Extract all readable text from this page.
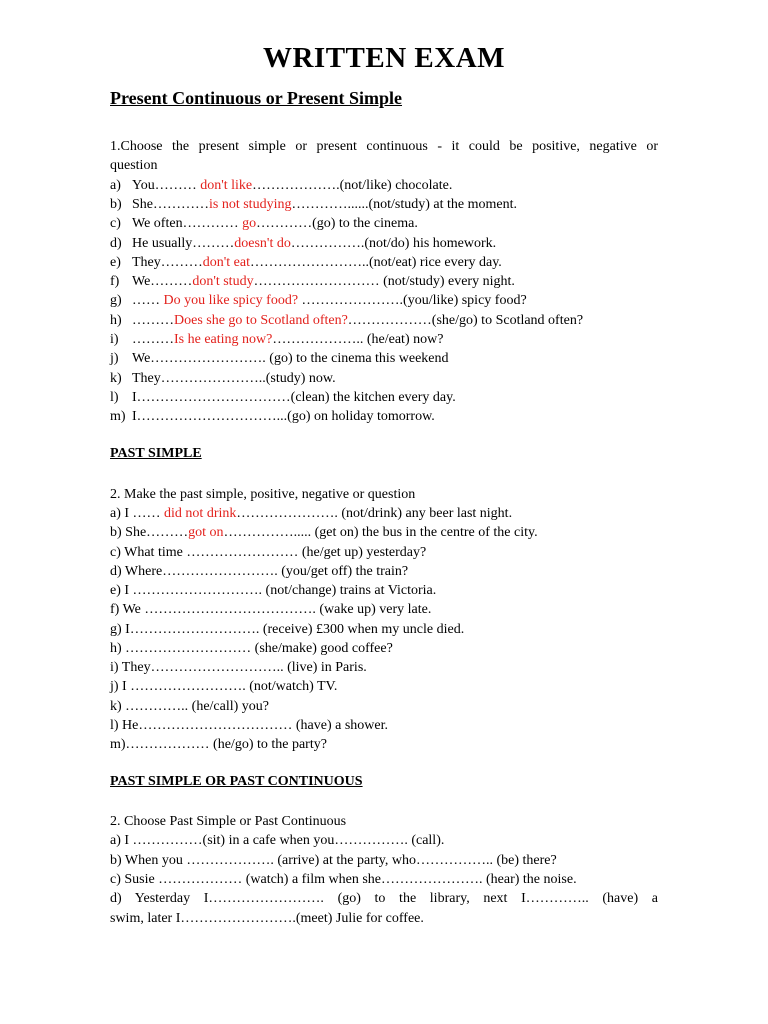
WRITTEN EXAM
Present Continuous or Present Simple
1.Choose the present simple or present continuous - it could be positive, negative or
question
a) You……… don't like……………….(not/like) chocolate.
b) She…………is not studying…………......(not/study) at the moment.
c) We often………… go…………(go) to the cinema.
d) He usually………doesn't do…………….(not/do) his homework.
e) They………don't eat……………………..(not/eat) rice every day.
f) We………don't study……………………… (not/study) every night.
g) …… Do you like spicy food? ………………….(you/like) spicy food?
h) ………Does she go to Scotland often?………………(she/go) to Scotland often?
i) ………Is he eating now?……………….. (he/eat) now?
j) We……………………. (go) to the cinema this weekend
k) They…………………..(study) now.
l) I……………………………(clean) the kitchen every day.
m) I…………………………...(go) on holiday tomorrow.
PAST SIMPLE
2. Make the past simple, positive, negative or question
a) I …… did not drink…………………. (not/drink) any beer last night.
b) She………got on……………..... (get on) the bus in the centre of the city.
c) What time …………………… (he/get up) yesterday?
d) Where……………………. (you/get off) the train?
e) I ………………………. (not/change) trains at Victoria.
f) We ………………………………. (wake up) very late.
g) I………………………. (receive) £300 when my uncle died.
h) ……………………… (she/make) good coffee?
i) They……………………….. (live) in Paris.
j) I ……………………. (not/watch) TV.
k) ………….. (he/call) you?
l) He…………………………… (have) a shower.
m)……………… (he/go) to the party?
PAST SIMPLE OR PAST CONTINUOUS
2. Choose Past Simple or Past Continuous
a) I ……………(sit) in a cafe when you……………. (call).
b) When you ………………. (arrive) at the party, who…………….. (be) there?
c) Susie ……………… (watch) a film when she…………………. (hear) the noise.
d) Yesterday I……………………. (go) to the library, next I………….. (have) a
swim, later I…………………….(meet) Julie for coffee.
